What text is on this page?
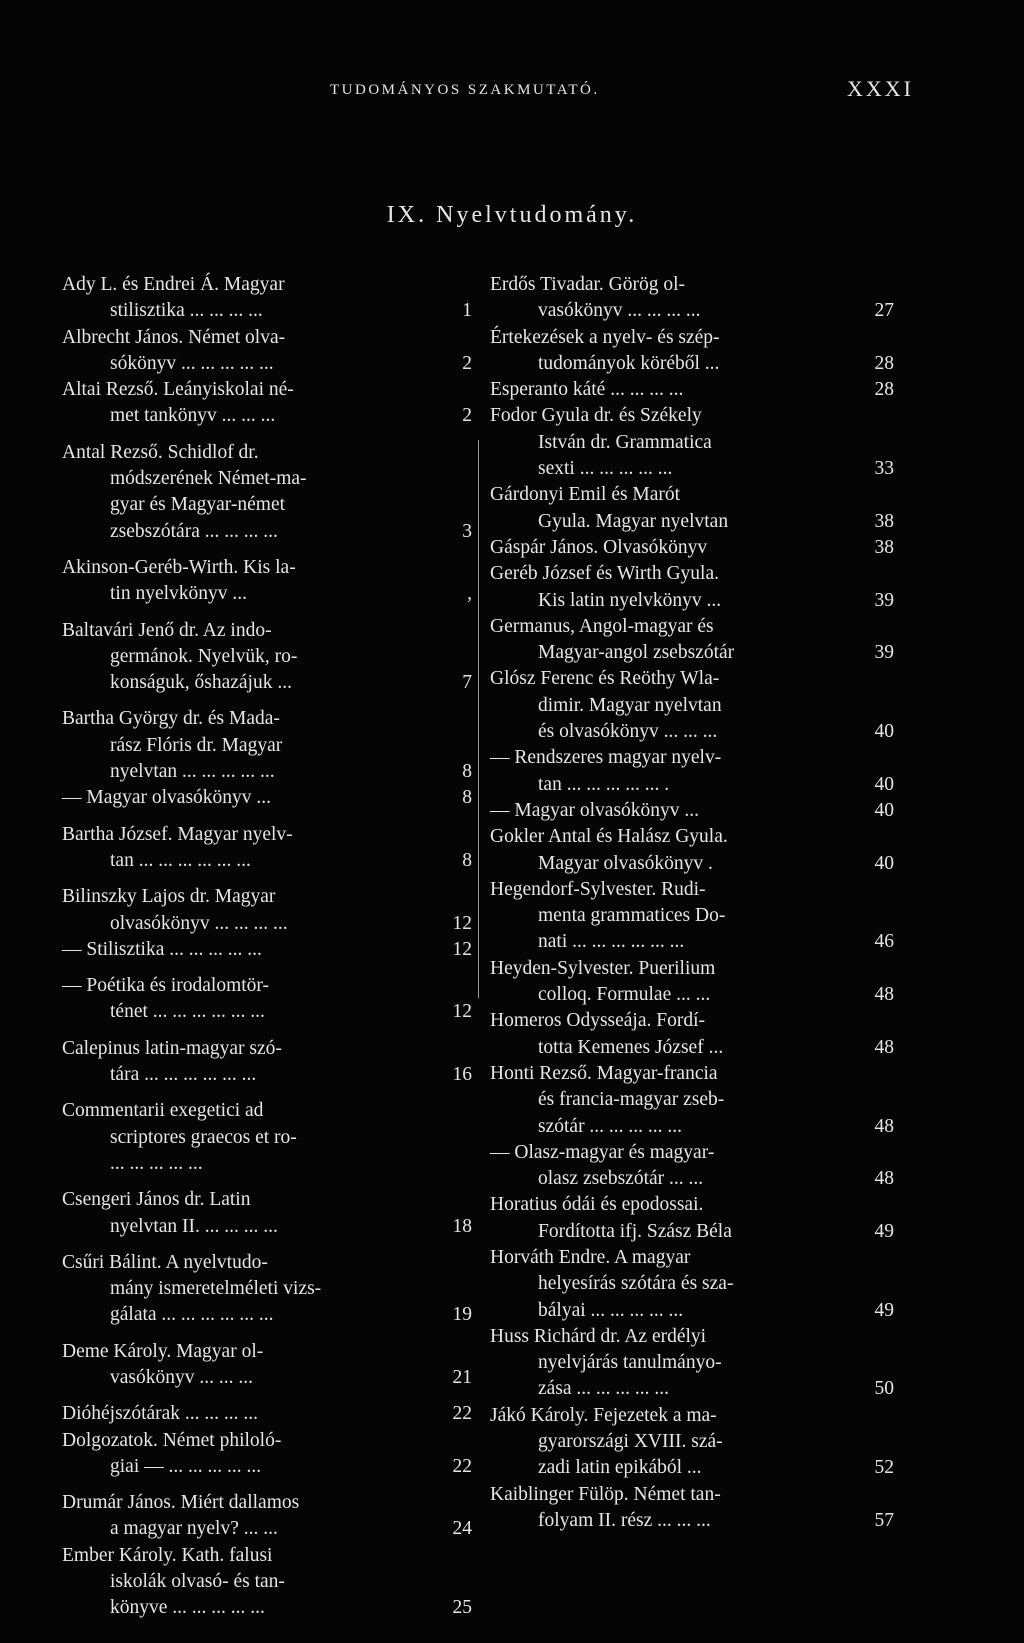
TUDOMÁNYOS SZAKMUTATÓ.	XXXI
IX. Nyelvtudomány.
Ady L. és Endrei Á. Magyar
stilisztika ... ... ... ...	1
Albrecht János. Német olva-
sókönyv ... ... ... ... ...	2
Altai Rezső. Leányiskolai né-
met tankönyv ... ... ...	2
Antal Rezső. Schidlof dr.
módszerének Német-ma-
gyar és Magyar-német
zsebszótára ... ... ... ...	3
Akinson-Geréb-Wirth. Kis la-
tin nyelvkönyv ...	,
Baltavári Jenő dr. Az indo-
germánok. Nyelvük, ro-
konságuk, őshazájuk ...	7
Bartha György dr. és Mada-
rász Flóris dr. Magyar
nyelvtan ... ... ... ... ...	8
— Magyar olvasókönyv ...	8
Bartha József. Magyar nyelv-
tan ... ... ... ... ... ...	8
Bilinszky Lajos dr. Magyar
olvasókönyv ... ... ... ...	12
— Stilisztika ... ... ... ... ...	12
— Poétika és irodalomtör-
ténet ... ... ... ... ... ...	12
Calepinus latin-magyar szó-
tára ... ... ... ... ... ...	16
Commentarii exegetici ad
scriptores graecos et ro-
... ... ... ... ...
Csengeri János dr. Latin
nyelvtan II. ... ... ... ...	18
Csűri Bálint. A nyelvtudo-
mány ismeretelméleti vizs-
gálata ... ... ... ... ... ...	19
Deme Károly. Magyar ol-
vasókönyv ... ... ...	21
Dióhéjszótárak ... ... ... ...	22
Dolgozatok. Német philoló-
giai — ... ... ... ... ...	22
Drumár János. Miért dallamos
a magyar nyelv? ... ...	24
Ember Károly. Kath. falusi
iskolák olvasó- és tan-
könyve ... ... ... ... ...	25
Erdős Tivadar. Görög ol-
vasókönyv ... ... ... ...	27
Értekezések a nyelv- és szép-
tudományok köréből ...	28
Esperanto káté ... ... ... ...	28
Fodor Gyula dr. és Székely
István dr. Grammatica
sexti ... ... ... ... ...	33
Gárdonyi Emil és Marót
Gyula. Magyar nyelvtan	38
Gáspár János. Olvasókönyv	38
Geréb József és Wirth Gyula.
Kis latin nyelvkönyv ...	39
Germanus, Angol-magyar és
Magyar-angol zsebszótár	39
Glósz Ferenc és Reöthy Wla-
dimir. Magyar nyelvtan
és olvasókönyv ... ... ...	40
— Rendszeres magyar nyelv-
tan ... ... ... ... ... .	40
— Magyar olvasókönyv ...	40
Gokler Antal és Halász Gyula.
Magyar olvasókönyv .	40
Hegendorf-Sylvester. Rudi-
menta grammatices Do-
nati ... ... ... ... ... ...	46
Heyden-Sylvester. Puerilium
colloq. Formulae ... ...	48
Homeros Odysseája. Fordí-
totta Kemenes József ...	48
Honti Rezső. Magyar-francia
és francia-magyar zseb-
szótár ... ... ... ... ...	48
— Olasz-magyar és magyar-
olasz zsebszótár ... ...	48
Horatius ódái és epodossai.
Fordította ifj. Szász Béla	49
Horváth Endre. A magyar
helyesírás szótára és sza-
bályai ... ... ... ... ...	49
Huss Richárd dr. Az erdélyi
nyelvjárás tanulmányo-
zása ... ... ... ... ...	50
Jákó Károly. Fejezetek a ma-
gyarországi XVIII. szá-
zadi latin epikából ...	52
Kaiblinger Fülöp. Német tan-
folyam II. rész ... ... ...	57
